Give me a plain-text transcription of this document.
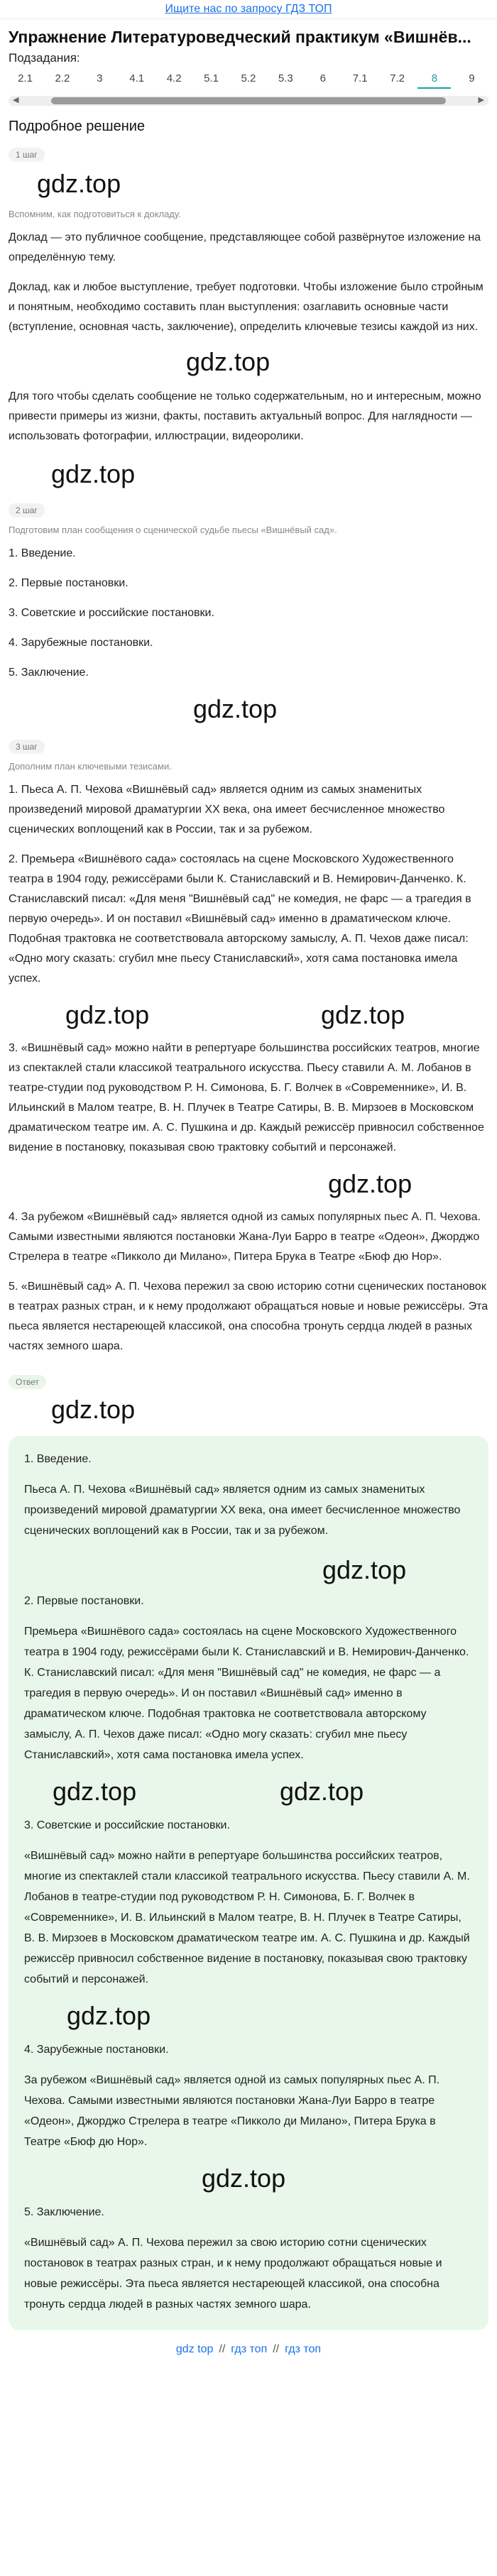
Ищите нас по запросу ГДЗ ТОП
Упражнение Литературоведческий практикум «Вишнёв...
Подзадания:
2.1	2.2	3	4.1	4.2	5.1	5.2	5.3	6	7.1	7.2	8	9
◀	▶
Подробное решение
1 шаг
gdz.top
Вспомним, как подготовиться к докладу.

Доклад — это публичное сообщение, представляющее собой развёрнутое изложение на определённую тему.

Доклад, как и любое выступление, требует подготовки. Чтобы изложение было стройным и понятным, необходимо составить план выступления: озаглавить основные части (вступление, основная часть, заключение), определить ключевые тезисы каждой из них.

gdz.top

Для того чтобы сделать сообщение не только содержательным, но и интересным, можно привести примеры из жизни, факты, поставить актуальный вопрос. Для наглядности — использовать фотографии, иллюстрации, видеоролики.

gdz.top
2 шаг
Подготовим план сообщения о сценической судьбе пьесы «Вишнёвый сад».

1. Введение.

2. Первые постановки.

3. Советские и российские постановки.

4. Зарубежные постановки.

5. Заключение.

gdz.top
3 шаг
Дополним план ключевыми тезисами.

1. Пьеса А. П. Чехова «Вишнёвый сад» является одним из самых знаменитых произведений мировой драматургии XX века, она имеет бесчисленное множество сценических воплощений как в России, так и за рубежом.

2. Премьера «Вишнёвого сада» состоялась на сцене Московского Художественного театра в 1904 году, режиссёрами были К. Станиславский и В. Немирович-Данченко. К. Станиславский писал: «Для меня "Вишнёвый сад" не комедия, не фарс — а трагедия в первую очередь». И он поставил «Вишнёвый сад» именно в драматическом ключе. Подобная трактовка не соответствовала авторскому замыслу, А. П. Чехов даже писал: «Одно могу сказать: сгубил мне пьесу Станиславский», хотя сама постановка имела успех.

gdz.top
gdz.top

3. «Вишнёвый сад» можно найти в репертуаре большинства российских театров, многие из спектаклей стали классикой театрального искусства. Пьесу ставили А. М. Лобанов в театре-студии под руководством Р. Н. Симонова, Б. Г. Волчек в «Современнике», И. В. Ильинский в Малом театре, В. Н. Плучек в Театре Сатиры, В. В. Мирзоев в Московском драматическом театре им. А. С. Пушкина и др. Каждый режиссёр привносил собственное видение в постановку, показывая свою трактовку событий и персонажей.

gdz.top

4. За рубежом «Вишнёвый сад» является одной из самых популярных пьес А. П. Чехова. Самыми известными являются постановки Жана-Луи Барро в театре «Одеон», Джорджо Стрелера в театре «Пикколо ди Милано», Питера Брука в Театре «Бюф дю Нор».

5. «Вишнёвый сад» А. П. Чехова пережил за свою историю сотни сценических постановок в театрах разных стран, и к нему продолжают обращаться новые и новые режиссёры. Эта пьеса является нестареющей классикой, она способна тронуть сердца людей в разных частях земного шара.

Ответ
gdz.top

1. Введение.

Пьеса А. П. Чехова «Вишнёвый сад» является одним из самых знаменитых произведений мировой драматургии XX века, она имеет бесчисленное множество сценических воплощений как в России, так и за рубежом.

gdz.top

2. Первые постановки.

Премьера «Вишнёвого сада» состоялась на сцене Московского Художественного театра в 1904 году, режиссёрами были К. Станиславский и В. Немирович-Данченко. К. Станиславский писал: «Для меня "Вишнёвый сад" не комедия, не фарс — а трагедия в первую очередь». И он поставил «Вишнёвый сад» именно в драматическом ключе. Подобная трактовка не соответствовала авторскому замыслу, А. П. Чехов даже писал: «Одно могу сказать: сгубил мне пьесу Станиславский», хотя сама постановка имела успех.

gdz.top	gdz.top

3. Советские и российские постановки.

«Вишнёвый сад» можно найти в репертуаре большинства российских театров, многие из спектаклей стали классикой театрального искусства. Пьесу ставили А. М. Лобанов в театре-студии под руководством Р. Н. Симонова, Б. Г. Волчек в «Современнике», И. В. Ильинский в Малом театре, В. Н. Плучек в Театре Сатиры, В. В. Мирзоев в Московском драматическом театре им. А. С. Пушкина и др. Каждый режиссёр привносил собственное видение в постановку, показывая свою трактовку событий и персонажей.

gdz.top

4. Зарубежные постановки.

За рубежом «Вишнёвый сад» является одной из самых популярных пьес А. П. Чехова. Самыми известными являются постановки Жана-Луи Барро в театре «Одеон», Джорджо Стрелера в театре «Пикколо ди Милано», Питера Брука в Театре «Бюф дю Нор».

gdz.top

5. Заключение.

«Вишнёвый сад» А. П. Чехова пережил за свою историю сотни сценических постановок в театрах разных стран, и к нему продолжают обращаться новые и новые режиссёры. Эта пьеса является нестареющей классикой, она способна тронуть сердца людей в разных частях земного шара.

gdz top // гдз топ // гдз топ
